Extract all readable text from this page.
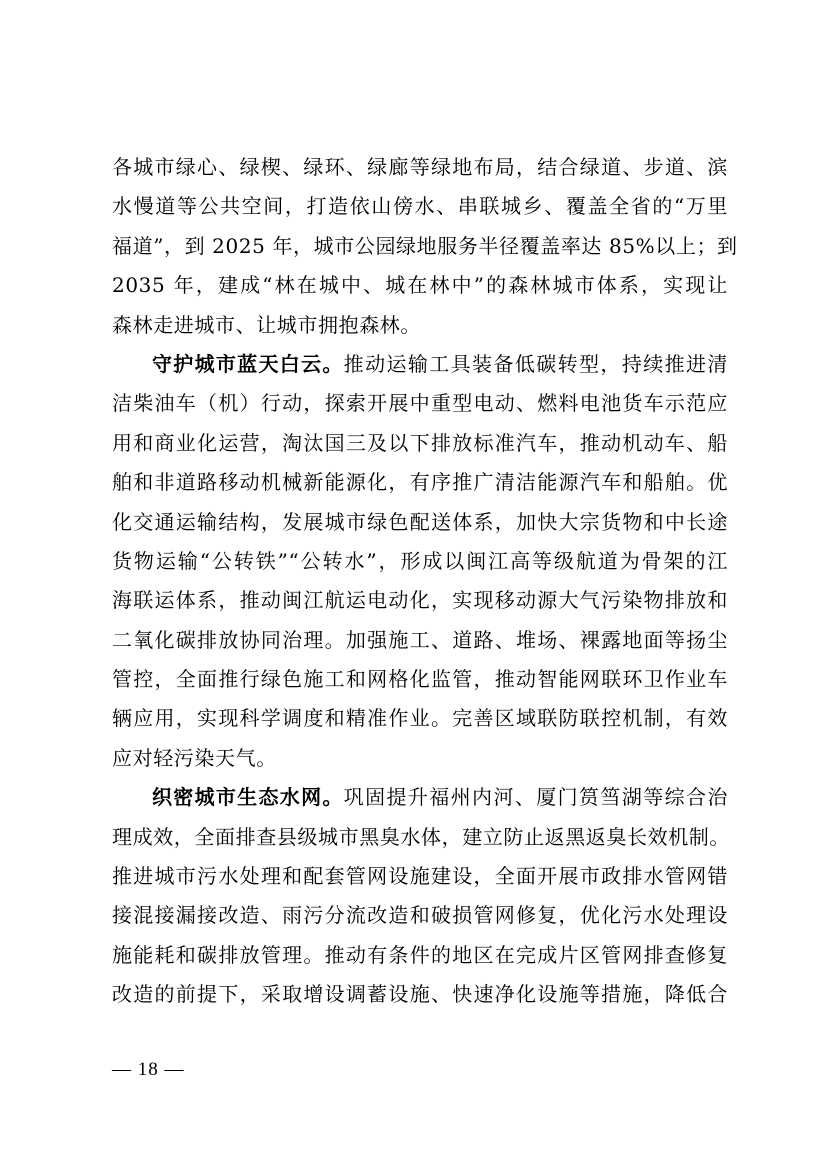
各城市绿心、绿楔、绿环、绿廊等绿地布局，结合绿道、步道、滨
水慢道等公共空间，打造依山傍水、串联城乡、覆盖全省的“万里
福道”，到 2025 年，城市公园绿地服务半径覆盖率达 85%以上；到
2035 年，建成“林在城中、城在林中”的森林城市体系，实现让
森林走进城市、让城市拥抱森林。
守护城市蓝天白云。推动运输工具装备低碳转型，持续推进清
洁柴油车（机）行动，探索开展中重型电动、燃料电池货车示范应
用和商业化运营，淘汰国三及以下排放标准汽车，推动机动车、船
舶和非道路移动机械新能源化，有序推广清洁能源汽车和船舶。优
化交通运输结构，发展城市绿色配送体系，加快大宗货物和中长途
货物运输“公转铁”“公转水”，形成以闽江高等级航道为骨架的江
海联运体系，推动闽江航运电动化，实现移动源大气污染物排放和
二氧化碳排放协同治理。加强施工、道路、堆场、裸露地面等扬尘
管控，全面推行绿色施工和网格化监管，推动智能网联环卫作业车
辆应用，实现科学调度和精准作业。完善区域联防联控机制，有效
应对轻污染天气。
织密城市生态水网。巩固提升福州内河、厦门筼筜湖等综合治
理成效，全面排查县级城市黑臭水体，建立防止返黑返臭长效机制。
推进城市污水处理和配套管网设施建设，全面开展市政排水管网错
接混接漏接改造、雨污分流改造和破损管网修复，优化污水处理设
施能耗和碳排放管理。推动有条件的地区在完成片区管网排查修复
改造的前提下，采取增设调蓄设施、快速净化设施等措施，降低合
— 18 —
